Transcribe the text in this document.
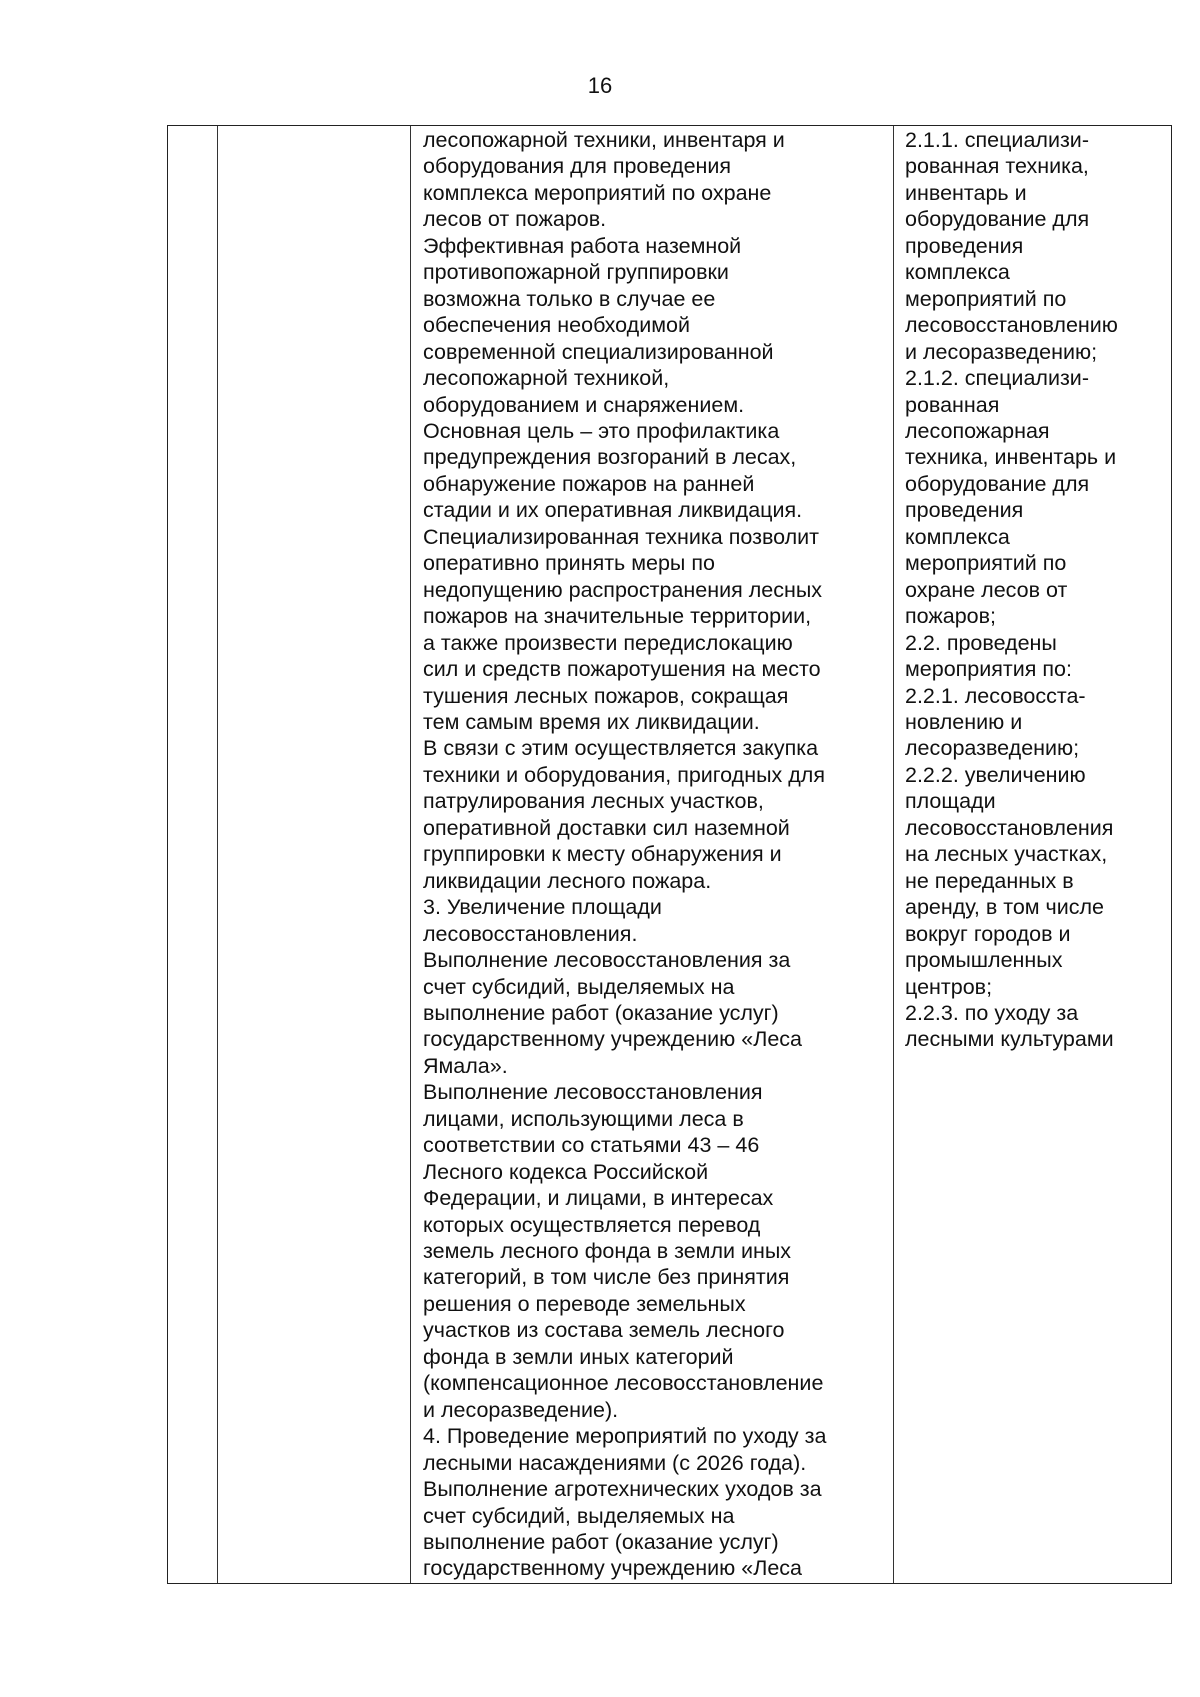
16

лесопожарной техники, инвентаря и

оборудования для проведения

комплекса мероприятий по охране

лесов от пожаров.

Эффективная работа наземной

противопожарной группировки

возможна только в случае ее

обеспечения необходимой

современной специализированной

лесопожарной техникой,

оборудованием и снаряжением.

Основная цель – это профилактика

предупреждения возгораний в лесах,

обнаружение пожаров на ранней

стадии и их оперативная ликвидация.

Специализированная техника позволит

оперативно принять меры по

недопущению распространения лесных

пожаров на значительные территории,

а также произвести передислокацию

сил и средств пожаротушения на место

тушения лесных пожаров, сокращая

тем самым время их ликвидации.

В связи с этим осуществляется закупка

техники и оборудования, пригодных для

патрулирования лесных участков,

оперативной доставки сил наземной

группировки к месту обнаружения и

ликвидации лесного пожара.

3. Увеличение площади

лесовосстановления.

Выполнение лесовосстановления за

счет субсидий, выделяемых на

выполнение работ (оказание услуг)

государственному учреждению «Леса

Ямала».

Выполнение лесовосстановления

лицами, использующими леса в

соответствии со статьями 43 – 46

Лесного кодекса Российской

Федерации, и лицами, в интересах

которых осуществляется перевод

земель лесного фонда в земли иных

категорий, в том числе без принятия

решения о переводе земельных

участков из состава земель лесного

фонда в земли иных категорий

(компенсационное лесовосстановление

и лесоразведение).

4. Проведение мероприятий по уходу за

лесными насаждениями (с 2026 года).

Выполнение агротехнических уходов за

счет субсидий, выделяемых на

выполнение работ (оказание услуг)

государственному учреждению «Леса

2.1.1. специализи-

рованная техника,

инвентарь и

оборудование для

проведения

комплекса

мероприятий по

лесовосстановлению

и лесоразведению;

2.1.2. специализи-

рованная

лесопожарная

техника, инвентарь и

оборудование для

проведения

комплекса

мероприятий по

охране лесов от

пожаров;

2.2. проведены

мероприятия по:

2.2.1. лесовосста-

новлению и

лесоразведению;

2.2.2. увеличению

площади

лесовосстановления

на лесных участках,

не переданных в

аренду, в том числе

вокруг городов и

промышленных

центров;

2.2.3. по уходу за

лесными культурами
